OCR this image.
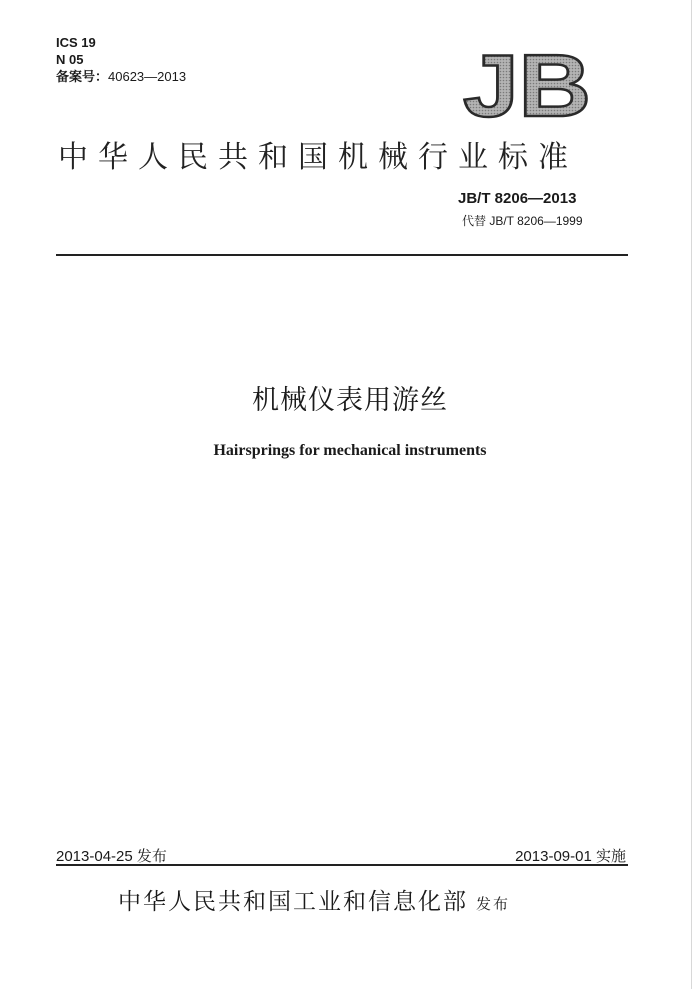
ICS 19
N 05
备案号：40623—2013	JB
中华人民共和国机械行业标准
JB/T 8206—2013
代替 JB/T 8206—1999
机械仪表用游丝
Hairsprings for mechanical instruments
2013-04-25 发布	2013-09-01 实施
中华人民共和国工业和信息化部 发布
